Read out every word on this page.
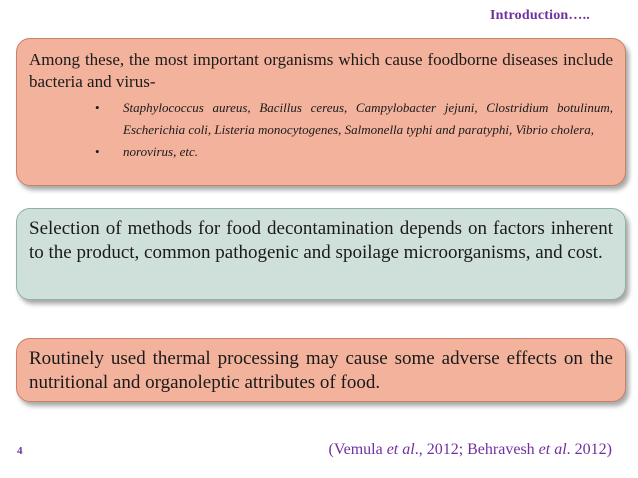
Introduction…..
Among these, the most important organisms which cause foodborne diseases include bacteria and virus-
• Staphylococcus aureus, Bacillus cereus, Campylobacter jejuni, Clostridium botulinum, Escherichia coli, Listeria monocytogenes, Salmonella typhi and paratyphi, Vibrio cholera,
• norovirus, etc.
Selection of methods for food decontamination depends on factors inherent to the product, common pathogenic and spoilage microorganisms, and cost.
Routinely used thermal processing may cause some adverse effects on the nutritional and organoleptic attributes of food.
4	(Vemula et al., 2012; Behravesh et al. 2012)
